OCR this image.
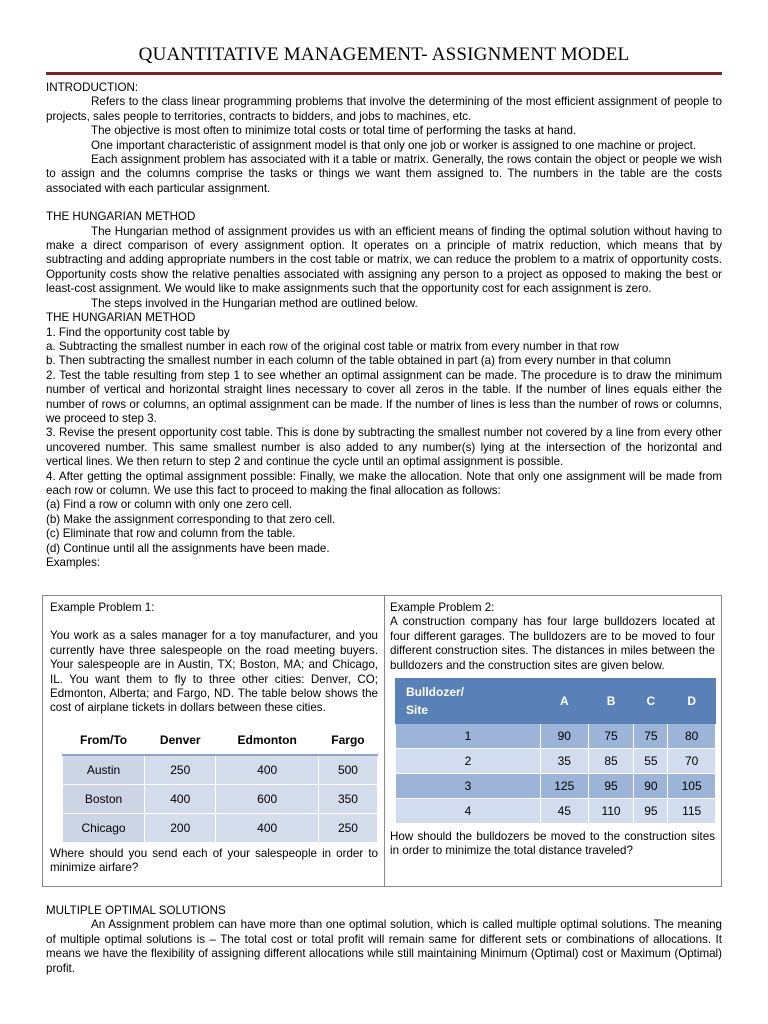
QUANTITATIVE MANAGEMENT- ASSIGNMENT MODEL

INTRODUCTION:

Refers to the class linear programming problems that involve the determining of the most efficient assignment of people to projects, sales people to territories, contracts to bidders, and jobs to machines, etc.

The objective is most often to minimize total costs or total time of performing the tasks at hand.

One important characteristic of assignment model is that only one job or worker is assigned to one machine or project.

Each assignment problem has associated with it a table or matrix. Generally, the rows contain the object or people we wish to assign and the columns comprise the tasks or things we want them assigned to. The numbers in the table are the costs associated with each particular assignment.

THE HUNGARIAN METHOD

The Hungarian method of assignment provides us with an efficient means of finding the optimal solution without having to make a direct comparison of every assignment option. It operates on a principle of matrix reduction, which means that by subtracting and adding appropriate numbers in the cost table or matrix, we can reduce the problem to a matrix of opportunity costs. Opportunity costs show the relative penalties associated with assigning any person to a project as opposed to making the best or least-cost assignment. We would like to make assignments such that the opportunity cost for each assignment is zero.

The steps involved in the Hungarian method are outlined below.

THE HUNGARIAN METHOD

1. Find the opportunity cost table by

a. Subtracting the smallest number in each row of the original cost table or matrix from every number in that row

b. Then subtracting the smallest number in each column of the table obtained in part (a) from every number in that column

2. Test the table resulting from step 1 to see whether an optimal assignment can be made. The procedure is to draw the minimum number of vertical and horizontal straight lines necessary to cover all zeros in the table. If the number of lines equals either the number of rows or columns, an optimal assignment can be made. If the number of lines is less than the number of rows or columns, we proceed to step 3.

3. Revise the present opportunity cost table. This is done by subtracting the smallest number not covered by a line from every other uncovered number. This same smallest number is also added to any number(s) lying at the intersection of the horizontal and vertical lines. We then return to step 2 and continue the cycle until an optimal assignment is possible.

4. After getting the optimal assignment possible: Finally, we make the allocation. Note that only one assignment will be made from each row or column. We use this fact to proceed to making the final allocation as follows:

(a) Find a row or column with only one zero cell.

(b) Make the assignment corresponding to that zero cell.

(c) Eliminate that row and column from the table.

(d) Continue until all the assignments have been made.

Examples:

Example Problem 1:

You work as a sales manager for a toy manufacturer, and you currently have three salespeople on the road meeting buyers. Your salespeople are in Austin, TX; Boston, MA; and Chicago, IL. You want them to fly to three other cities: Denver, CO; Edmonton, Alberta; and Fargo, ND. The table below shows the cost of airplane tickets in dollars between these cities.

From/To	Denver	Edmonton	Fargo
Austin	250	400	500
Boston	400	600	350
Chicago	200	400	250

Where should you send each of your salespeople in order to minimize airfare?

Example Problem 2:

A construction company has four large bulldozers located at four different garages. The bulldozers are to be moved to four different construction sites. The distances in miles between the bulldozers and the construction sites are given below.

Bulldozer/
Site	A	B	C	D
1	90	75	75	80
2	35	85	55	70
3	125	95	90	105
4	45	110	95	115

How should the bulldozers be moved to the construction sites in order to minimize the total distance traveled?

MULTIPLE OPTIMAL SOLUTIONS

An Assignment problem can have more than one optimal solution, which is called multiple optimal solutions. The meaning of multiple optimal solutions is – The total cost or total profit will remain same for different sets or combinations of allocations. It means we have the flexibility of assigning different allocations while still maintaining Minimum (Optimal) cost or Maximum (Optimal) profit.
